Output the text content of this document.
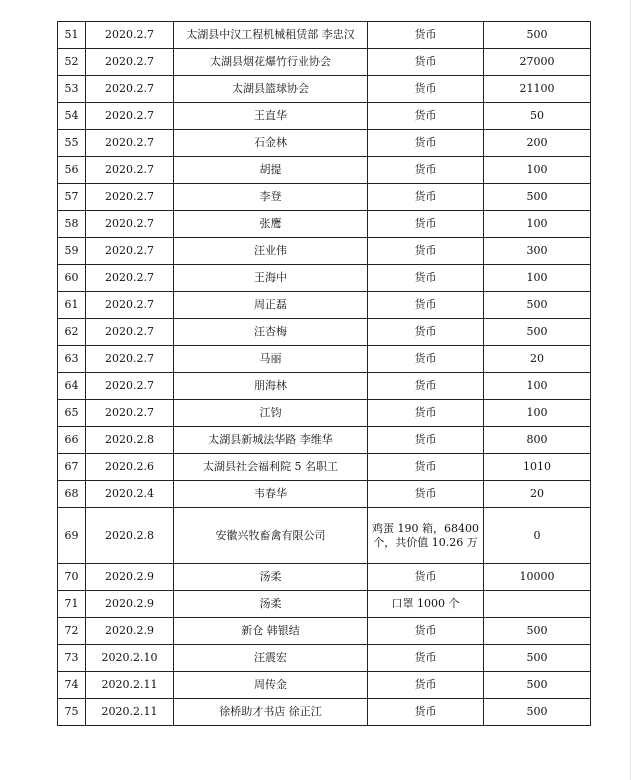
51	2020.2.7	太湖县中汉工程机械租赁部 李忠汉	货币	500
52	2020.2.7	太湖县烟花爆竹行业协会	货币	27000
53	2020.2.7	太湖县篮球协会	货币	21100
54	2020.2.7	王直华	货币	50
55	2020.2.7	石金林	货币	200
56	2020.2.7	胡提	货币	100
57	2020.2.7	李登	货币	500
58	2020.2.7	张鹰	货币	100
59	2020.2.7	汪业伟	货币	300
60	2020.2.7	王海中	货币	100
61	2020.2.7	周正磊	货币	500
62	2020.2.7	汪杏梅	货币	500
63	2020.2.7	马丽	货币	20
64	2020.2.7	朋海林	货币	100
65	2020.2.7	江钧	货币	100
66	2020.2.8	太湖县新城法华路 李维华	货币	800
67	2020.2.6	太湖县社会福利院 5 名职工	货币	1010
68	2020.2.4	韦春华	货币	20
69	2020.2.8	安徽兴牧畜禽有限公司	鸡蛋 190 箱，68400 个，共价值 10.26 万	0
70	2020.2.9	汤柔	货币	10000
71	2020.2.9	汤柔	口罩 1000 个	
72	2020.2.9	新仓 韩银结	货币	500
73	2020.2.10	汪震宏	货币	500
74	2020.2.11	周传金	货币	500
75	2020.2.11	徐桥助才书店 徐正江	货币	500
